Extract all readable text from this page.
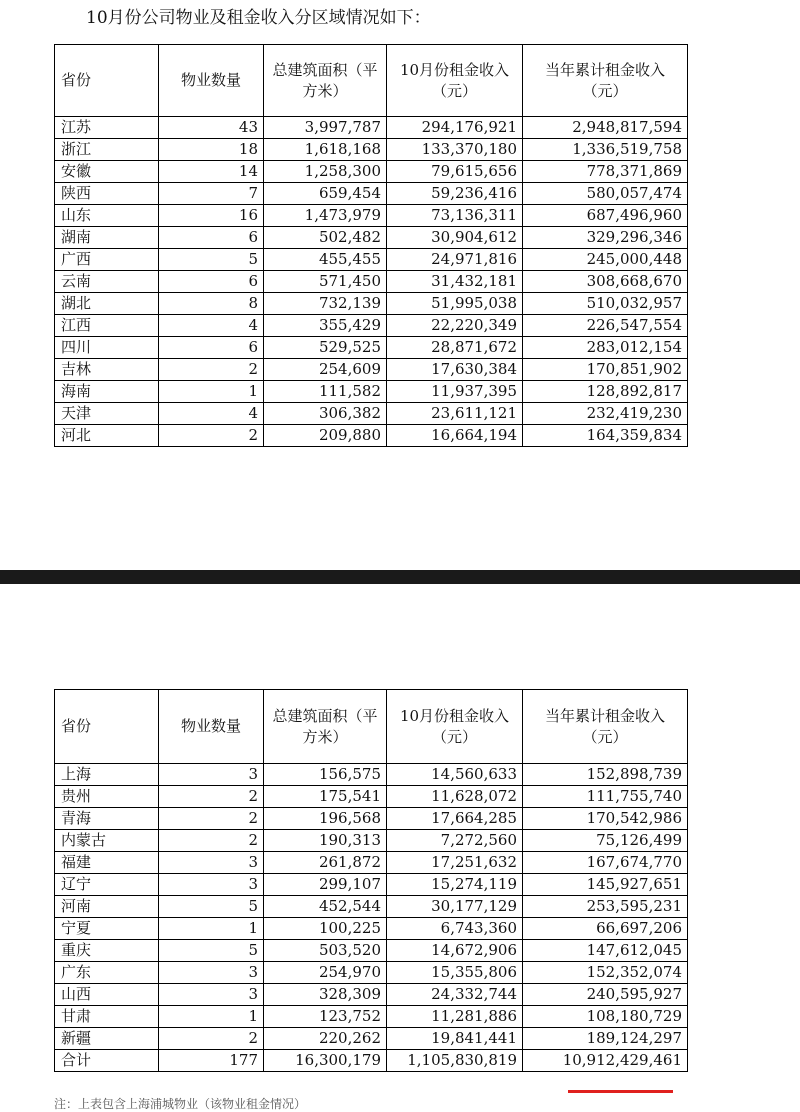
10月份公司物业及租金收入分区域情况如下：
省份	物业数量	总建筑面积（平方米）	10月份租金收入（元）	当年累计租金收入（元）
江苏	43	3,997,787	294,176,921	2,948,817,594
浙江	18	1,618,168	133,370,180	1,336,519,758
安徽	14	1,258,300	79,615,656	778,371,869
陕西	7	659,454	59,236,416	580,057,474
山东	16	1,473,979	73,136,311	687,496,960
湖南	6	502,482	30,904,612	329,296,346
广西	5	455,455	24,971,816	245,000,448
云南	6	571,450	31,432,181	308,668,670
湖北	8	732,139	51,995,038	510,032,957
江西	4	355,429	22,220,349	226,547,554
四川	6	529,525	28,871,672	283,012,154
吉林	2	254,609	17,630,384	170,851,902
海南	1	111,582	11,937,395	128,892,817
天津	4	306,382	23,611,121	232,419,230
河北	2	209,880	16,664,194	164,359,834
省份	物业数量	总建筑面积（平方米）	10月份租金收入（元）	当年累计租金收入（元）
上海	3	156,575	14,560,633	152,898,739
贵州	2	175,541	11,628,072	111,755,740
青海	2	196,568	17,664,285	170,542,986
内蒙古	2	190,313	7,272,560	75,126,499
福建	3	261,872	17,251,632	167,674,770
辽宁	3	299,107	15,274,119	145,927,651
河南	5	452,544	30,177,129	253,595,231
宁夏	1	100,225	6,743,360	66,697,206
重庆	5	503,520	14,672,906	147,612,045
广东	3	254,970	15,355,806	152,352,074
山西	3	328,309	24,332,744	240,595,927
甘肃	1	123,752	11,281,886	108,180,729
新疆	2	220,262	19,841,441	189,124,297
合计	177	16,300,179	1,105,830,819	10,912,429,461
注：上表包含上海浦城物业（该物业租金情况）
